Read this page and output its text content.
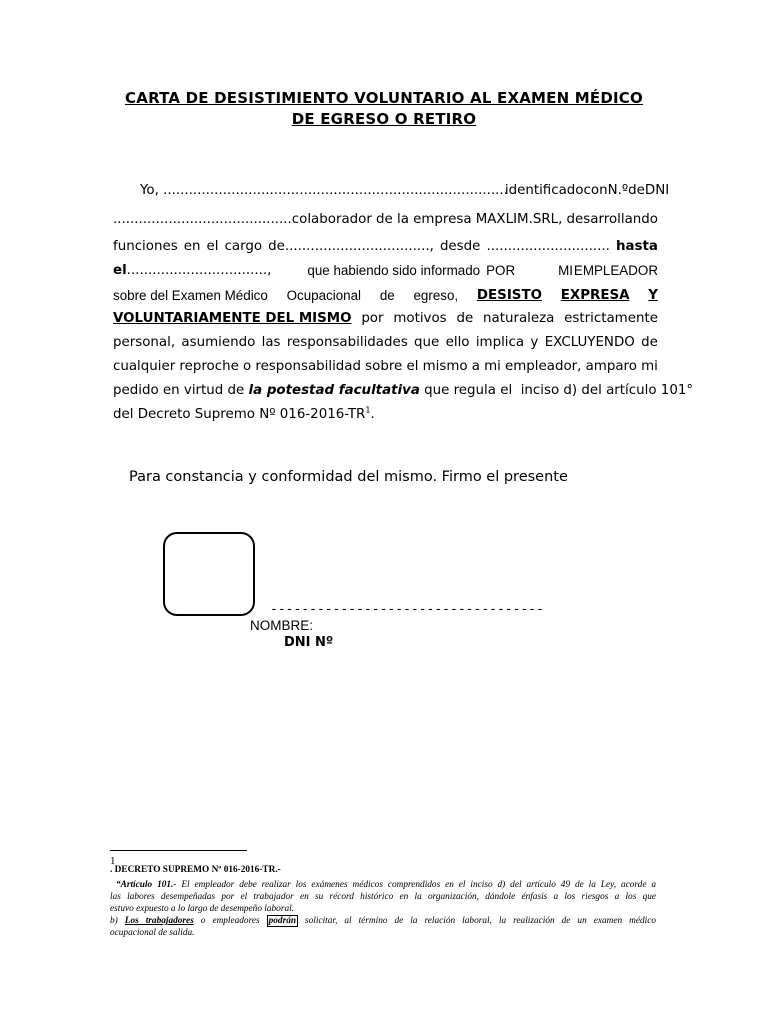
CARTA DE DESISTIMIENTO VOLUNTARIO AL EXAMEN MÉDICO
DE EGRESO O RETIRO
Yo, .................................................................................
identificado con N.º de DNI
..........................................colaborador de la empresa MAXLIM.SRL, desarrollando
funciones en el cargo de.................................., desde ............................. hasta
el .................................,	que habiendo sido informado POR	MI EMPLEADOR
sobre del Examen Médico Ocupacional de egreso, DESISTO EXPRESA Y
VOLUNTARIAMENTE DEL MISMO por motivos de naturaleza estrictamente
personal, asumiendo las responsabilidades que ello implica y EXCLUYENDO de
cualquier reproche o responsabilidad sobre el mismo a mi empleador, amparo mi
pedido en virtud de la potestad facultativa que regula el  inciso d) del artículo 101°
del Decreto Supremo Nº $016-2016-TR^1$.
Para constancia y conformidad del mismo. Firmo el presente
-----------------------------------
NOMBRE:
DNI Nº
1
. DECRETO SUPREMO Nº 016-2016-TR.-
“Artículo 101.- El empleador debe realizar los exámenes médicos comprendidos en el inciso d) del artículo 49 de la Ley, acorde a
las labores desempeñadas por el trabajador en su récord histórico en la organización, dándole énfasis a los riesgos a los que
estuvo expuesto a lo largo de desempeño laboral.
b) Los trabajadores o empleadores podrán solicitar, al término de la relación laboral, la realización de un examen médico
ocupacional de salida.
